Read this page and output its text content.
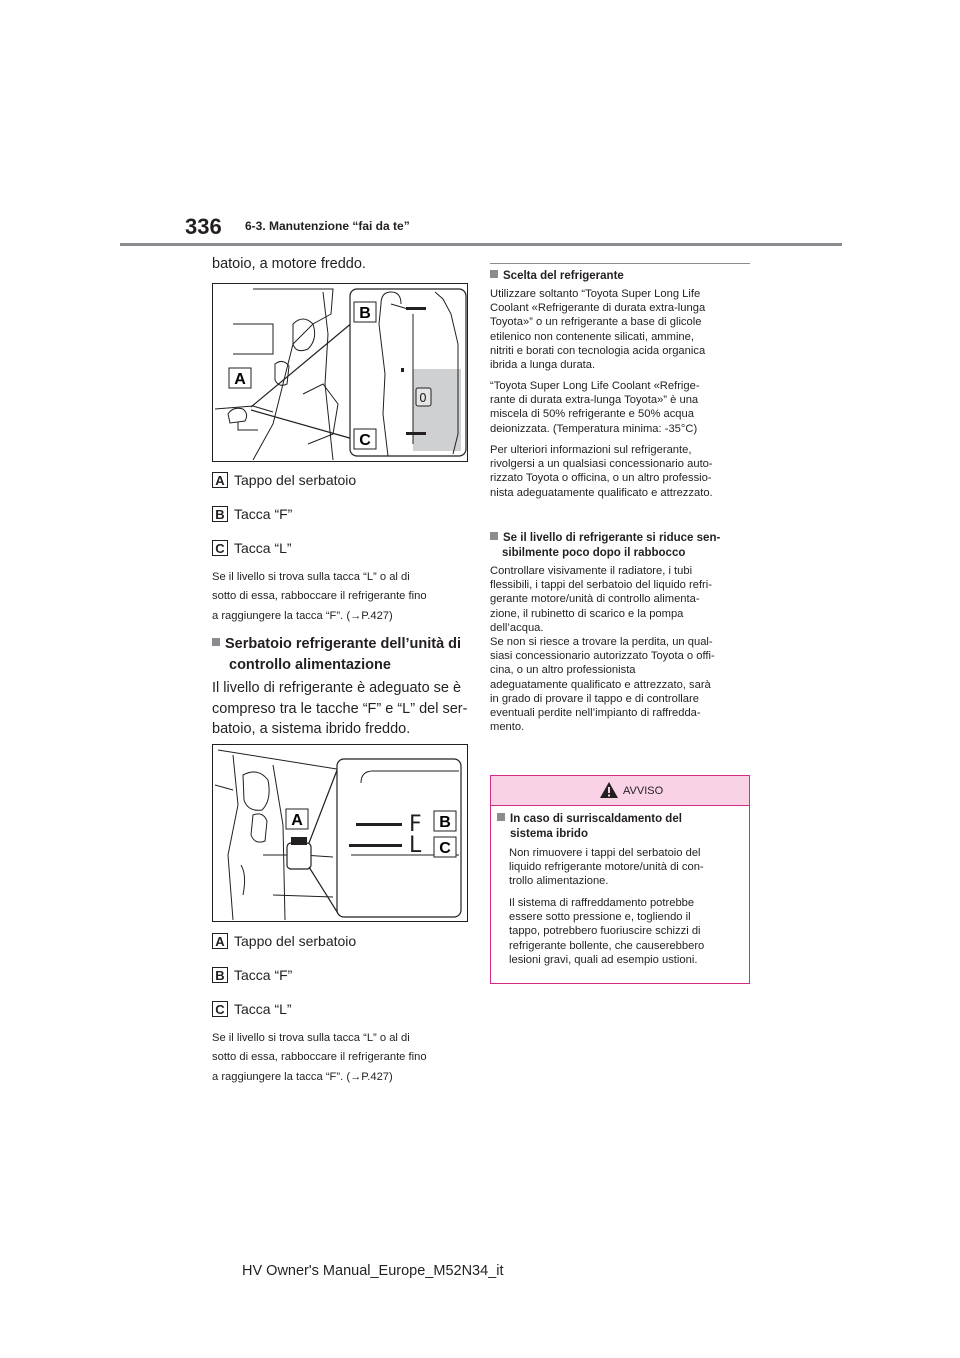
336 6-3. Manutenzione “fai da te”
batoio, a motore freddo.
0
A
B
C
A Tappo del serbatoio
B Tacca “F”
C Tacca “L”
Se il livello si trova sulla tacca “L” o al di
sotto di essa, rabboccare il refrigerante fino
a raggiungere la tacca “F”. (→P.427)
Serbatoio refrigerante dell’unità di
controllo alimentazione
Il livello di refrigerante è adeguato se è
compreso tra le tacche “F” e “L” del ser-
batoio, a sistema ibrido freddo.
F
L
A	B
C
A Tappo del serbatoio
B Tacca “F”
C Tacca “L”
Se il livello si trova sulla tacca “L” o al di
sotto di essa, rabboccare il refrigerante fino
a raggiungere la tacca “F”. (→P.427)
Scelta del refrigerante
Utilizzare soltanto “Toyota Super Long Life
Coolant «Refrigerante di durata extra-lunga
Toyota»” o un refrigerante a base di glicole
etilenico non contenente silicati, ammine,
nitriti e borati con tecnologia acida organica
ibrida a lunga durata.
“Toyota Super Long Life Coolant «Refrige-
rante di durata extra-lunga Toyota»” è una
miscela di 50% refrigerante e 50% acqua
deionizzata. (Temperatura minima: -35°C)
Per ulteriori informazioni sul refrigerante,
rivolgersi a un qualsiasi concessionario auto-
rizzato Toyota o officina, o un altro professio-
nista adeguatamente qualificato e attrezzato.
Se il livello di refrigerante si riduce sen-
sibilmente poco dopo il rabbocco
Controllare visivamente il radiatore, i tubi
flessibili, i tappi del serbatoio del liquido refri-
gerante motore/unità di controllo alimenta-
zione, il rubinetto di scarico e la pompa
dell’acqua.
Se non si riesce a trovare la perdita, un qual-
siasi concessionario autorizzato Toyota o offi-
cina, o un altro professionista
adeguatamente qualificato e attrezzato, sarà
in grado di provare il tappo e di controllare
eventuali perdite nell’impianto di raffredda-
mento.
AVVISO
In caso di surriscaldamento del
sistema ibrido
Non rimuovere i tappi del serbatoio del
liquido refrigerante motore/unità di con-
trollo alimentazione.
Il sistema di raffreddamento potrebbe
essere sotto pressione e, togliendo il
tappo, potrebbero fuoriuscire schizzi di
refrigerante bollente, che causerebbero
lesioni gravi, quali ad esempio ustioni.
HV Owner's Manual_Europe_M52N34_it
